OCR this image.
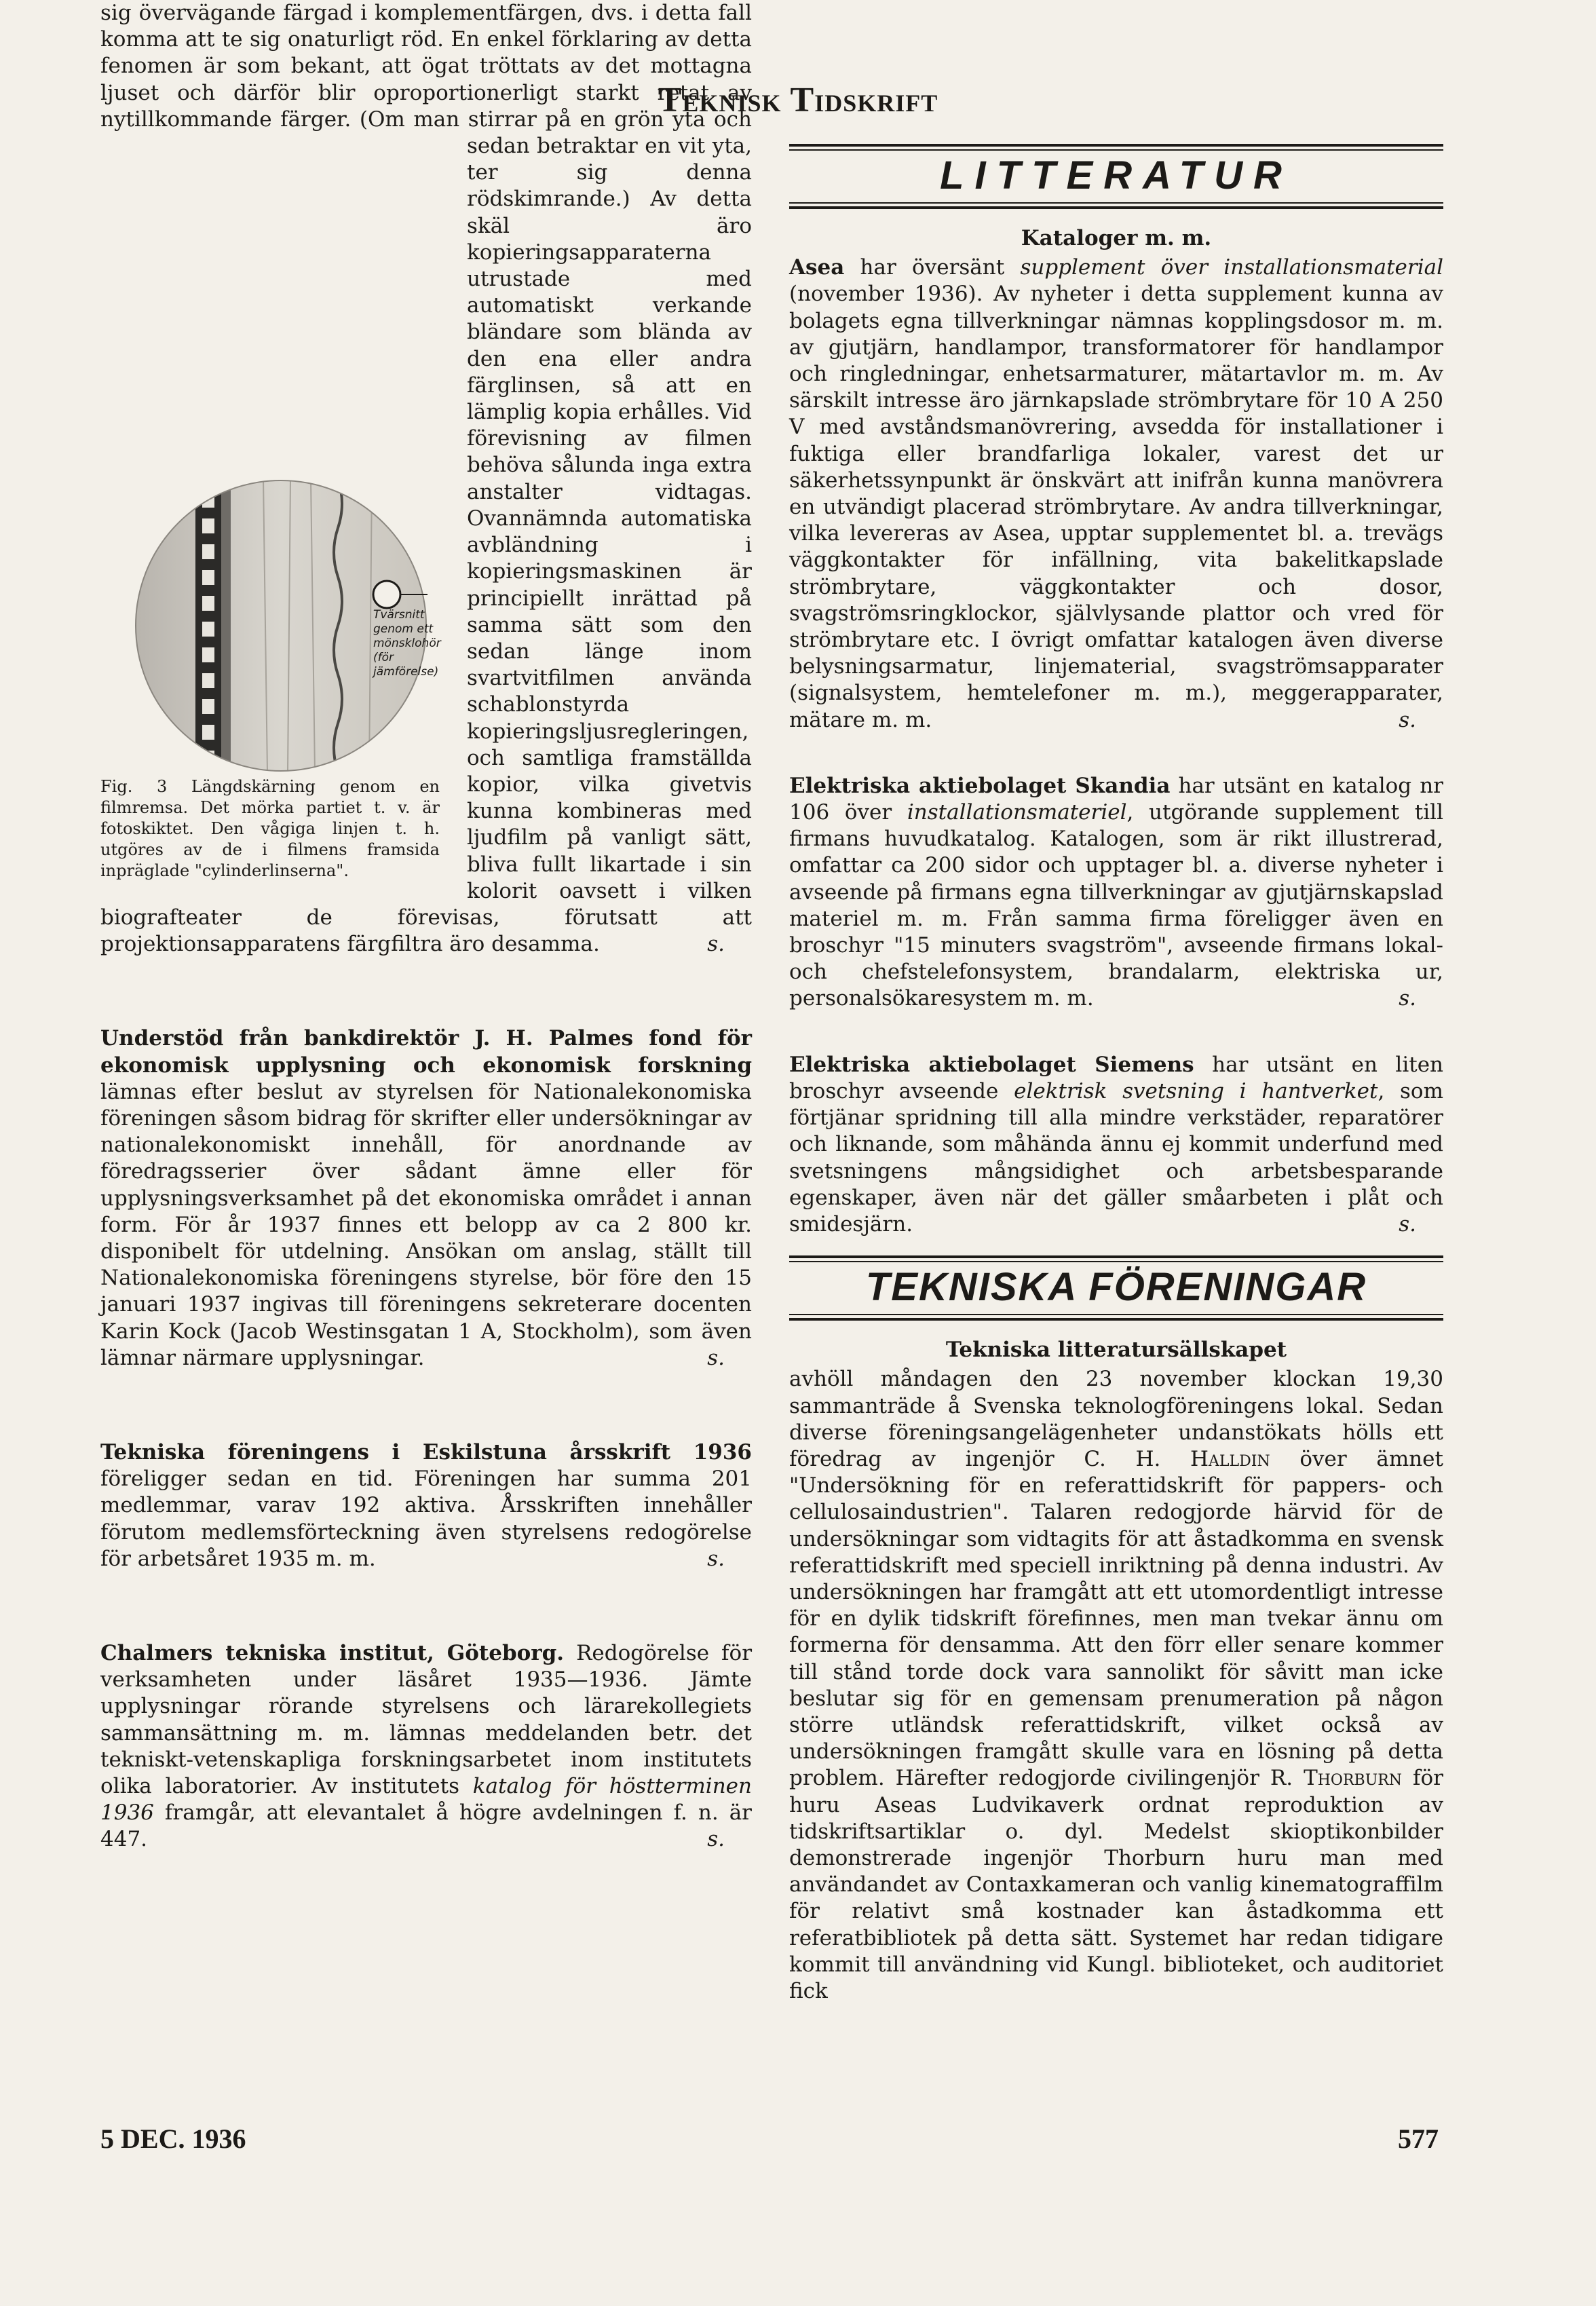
Teknisk Tidskrift
Tvärsnitt genom ett mönsklohör (för jämförelse)
Fig. 3 Längdskärning genom en filmremsa. Det mörka partiet t. v. är fotoskiktet. Den vågiga linjen t. h. utgöres av de i filmens framsida inpräglade "cylinderlinserna".

sig övervägande färgad i komplementfärgen, dvs. i detta fall komma att te sig onaturligt röd. En enkel förklaring av detta fenomen är som bekant, att ögat tröttats av det mottagna ljuset och därför blir oproportionerligt starkt retat av nytillkommande färger. (Om man stirrar på en grön yta och sedan betraktar en vit yta, ter sig denna rödskimrande.) Av detta skäl äro kopieringsapparaterna utrustade med automatiskt verkande bländare som blända av den ena eller andra färglinsen, så att en lämplig kopia erhålles. Vid förevisning av filmen behöva sålunda inga extra anstalter vidtagas. Ovannämnda automatiska avbländning i kopieringsmaskinen är principiellt inrättad på samma sätt som den sedan länge inom svartvitfilmen använda schablonstyrda kopieringsljusregleringen, och samtliga framställda kopior, vilka givetvis kunna kombineras med ljudfilm på vanligt sätt, bliva fullt likartade i sin kolorit oavsett i vilken biografteater de förevisas, förutsatt att projektionsapparatens färgfiltra äro desamma.	s.

Understöd från bankdirektör J. H. Palmes fond för ekonomisk upplysning och ekonomisk forskning lämnas efter beslut av styrelsen för Nationalekonomiska föreningen såsom bidrag för skrifter eller undersökningar av nationalekonomiskt innehåll, för anordnande av föredragsserier över sådant ämne eller för upplysningsverksamhet på det ekonomiska området i annan form. För år 1937 finnes ett belopp av ca 2 800 kr. disponibelt för utdelning. Ansökan om anslag, ställt till Nationalekonomiska föreningens styrelse, bör före den 15 januari 1937 ingivas till föreningens sekreterare docenten Karin Kock (Jacob Westinsgatan 1 A, Stockholm), som även lämnar närmare upplysningar.	s.

Tekniska föreningens i Eskilstuna årsskrift 1936 föreligger sedan en tid. Föreningen har summa 201 medlemmar, varav 192 aktiva. Årsskriften innehåller förutom medlemsförteckning även styrelsens redogörelse för arbetsåret 1935 m. m.	s.

Chalmers tekniska institut, Göteborg. Redogörelse för verksamheten under läsåret 1935—1936. Jämte upplysningar rörande styrelsens och lärarekollegiets sammansättning m. m. lämnas meddelanden betr. det tekniskt-vetenskapliga forskningsarbetet inom institutets olika laboratorier. Av institutets katalog för höstterminen 1936 framgår, att elevantalet å högre avdelningen f. n. är 447.	s.

LITTERATUR

Kataloger m. m.

Asea har översänt supplement över installationsmaterial (november 1936). Av nyheter i detta supplement kunna av bolagets egna tillverkningar nämnas kopplingsdosor m. m. av gjutjärn, handlampor, transformatorer för handlampor och ringledningar, enhetsarmaturer, mätartavlor m. m. Av särskilt intresse äro järnkapslade strömbrytare för 10 A 250 V med avståndsmanövrering, avsedda för installationer i fuktiga eller brandfarliga lokaler, varest det ur säkerhetssynpunkt är önskvärt att inifrån kunna manövrera en utvändigt placerad strömbrytare. Av andra tillverkningar, vilka levereras av Asea, upptar supplementet bl. a. trevägs väggkontakter för infällning, vita bakelitkapslade strömbrytare, väggkontakter och dosor, svagströmsringklockor, självlysande plattor och vred för strömbrytare etc. I övrigt omfattar katalogen även diverse belysningsarmatur, linjematerial, svagströmsapparater (signalsystem, hemtelefoner m. m.), meggerapparater, mätare m. m.	s.

Elektriska aktiebolaget Skandia har utsänt en katalog nr 106 över installationsmateriel, utgörande supplement till firmans huvudkatalog. Katalogen, som är rikt illustrerad, omfattar ca 200 sidor och upptager bl. a. diverse nyheter i avseende på firmans egna tillverkningar av gjutjärnskapslad materiel m. m. Från samma firma föreligger även en broschyr "15 minuters svagström", avseende firmans lokal- och chefstelefonsystem, brandalarm, elektriska ur, personalsökaresystem m. m.	s.

Elektriska aktiebolaget Siemens har utsänt en liten broschyr avseende elektrisk svetsning i hantverket, som förtjänar spridning till alla mindre verkstäder, reparatörer och liknande, som måhända ännu ej kommit underfund med svetsningens mångsidighet och arbetsbesparande egenskaper, även när det gäller småarbeten i plåt och smidesjärn.	s.

TEKNISKA FÖRENINGAR

Tekniska litteratursällskapet

avhöll måndagen den 23 november klockan 19,30 sammanträde å Svenska teknologföreningens lokal. Sedan diverse föreningsangelägenheter undanstökats hölls ett föredrag av ingenjör C. H. Halldin över ämnet "Undersökning för en referattidskrift för pappers- och cellulosaindustrien". Talaren redogjorde härvid för de undersökningar som vidtagits för att åstadkomma en svensk referattidskrift med speciell inriktning på denna industri. Av undersökningen har framgått att ett utomordentligt intresse för en dylik tidskrift förefinnes, men man tvekar ännu om formerna för densamma. Att den förr eller senare kommer till stånd torde dock vara sannolikt för såvitt man icke beslutar sig för en gemensam prenumeration på någon större utländsk referattidskrift, vilket också av undersökningen framgått skulle vara en lösning på detta problem. Härefter redogjorde civilingenjör R. Thorburn för huru Aseas Ludvikaverk ordnat reproduktion av tidskriftsartiklar o. dyl. Medelst skioptikonbilder demonstrerade ingenjör Thorburn huru man med användandet av Contaxkameran och vanlig kinematograffilm för relativt små kostnader kan åstadkomma ett referatbibliotek på detta sätt. Systemet har redan tidigare kommit till användning vid Kungl. biblioteket, och auditoriet fick

5 DEC. 1936	577
